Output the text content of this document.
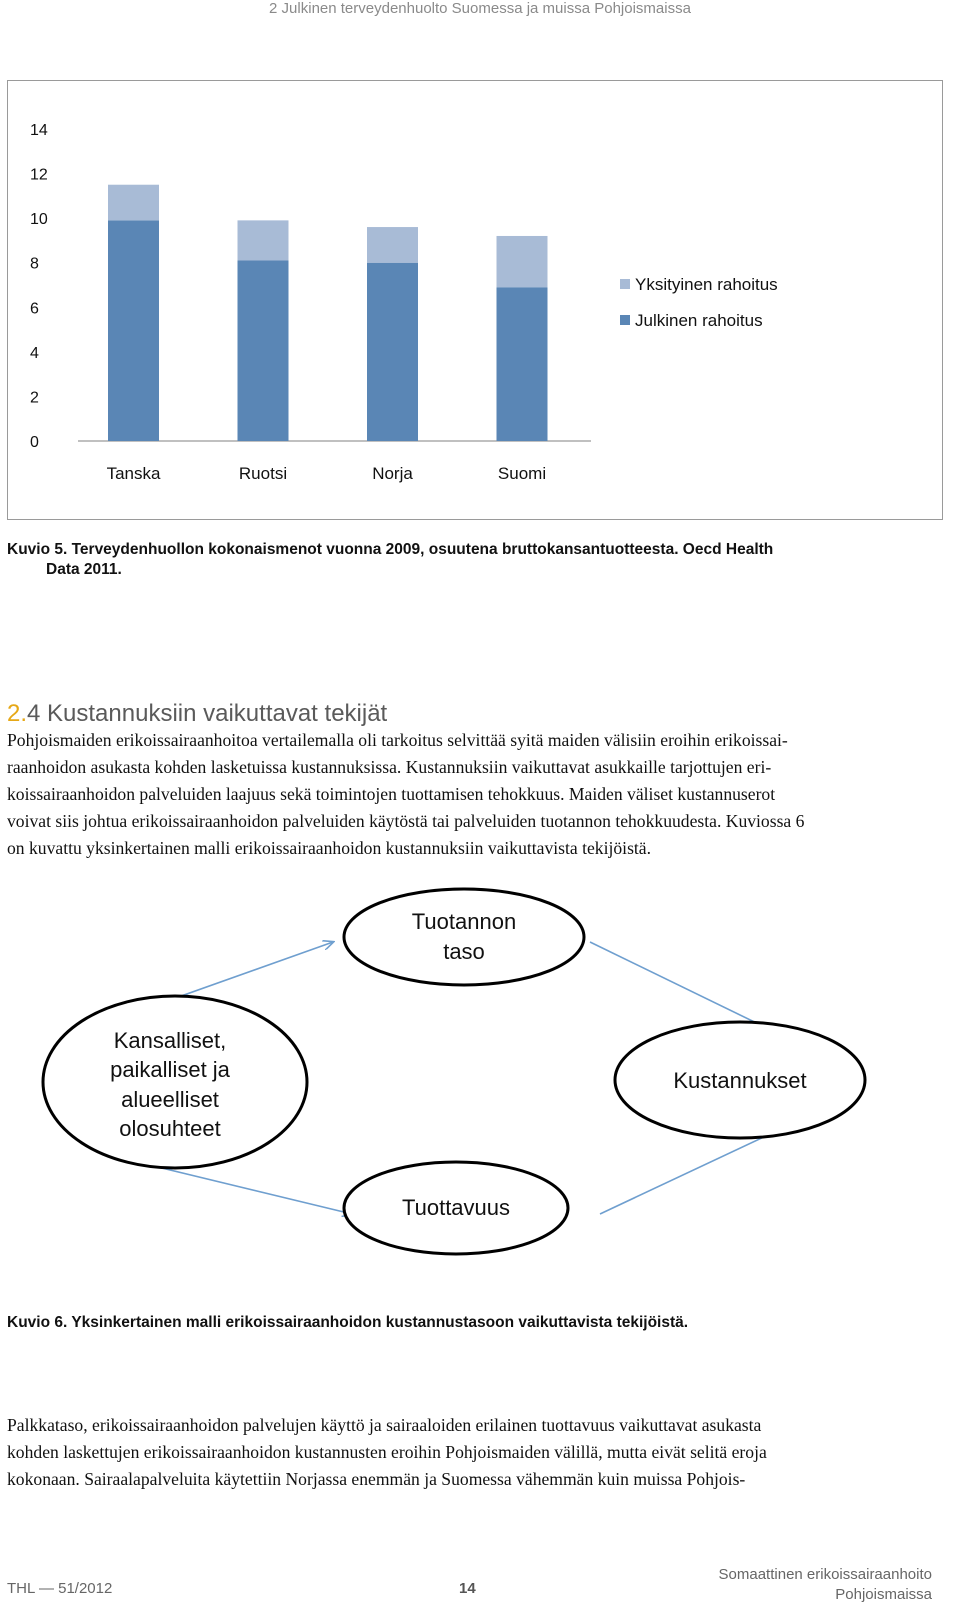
2 Julkinen terveydenhuolto Suomessa ja muissa Pohjoismaissa
14
12
10
8
6
4
2
0
Tanska	Ruotsi	Norja	Suomi
Yksityinen rahoitus
Julkinen rahoitus
Kuvio 5. Terveydenhuollon kokonaismenot vuonna 2009, osuutena bruttokansantuotteesta. Oecd Health
Data 2011.
2.4 Kustannuksiin vaikuttavat tekijät
Pohjoismaiden erikoissairaanhoitoa vertailemalla oli tarkoitus selvittää syitä maiden välisiin eroihin erikoissai-
raanhoidon asukasta kohden lasketuissa kustannuksissa. Kustannuksiin vaikuttavat asukkaille tarjottujen eri-
koissairaanhoidon palveluiden laajuus sekä toimintojen tuottamisen tehokkuus. Maiden väliset kustannuserot
voivat siis johtua erikoissairaanhoidon palveluiden käytöstä tai palveluiden tuotannon tehokkuudesta. Kuviossa 6
on kuvattu yksinkertainen malli erikoissairaanhoidon kustannuksiin vaikuttavista tekijöistä.
Tuotannon
taso
Kansalliset,
paikalliset ja
alueelliset
olosuhteet
Kustannukset
Tuottavuus
Kuvio 6. Yksinkertainen malli erikoissairaanhoidon kustannustasoon vaikuttavista tekijöistä.
Palkkataso, erikoissairaanhoidon palvelujen käyttö ja sairaaloiden erilainen tuottavuus vaikuttavat asukasta
kohden laskettujen erikoissairaanhoidon kustannusten eroihin Pohjoismaiden välillä, mutta eivät selitä eroja
kokonaan. Sairaalapalveluita käytettiin Norjassa enemmän ja Suomessa vähemmän kuin muissa Pohjois-
THL — 51/2012	14
Somaattinen erikoissairaanhoito
Pohjoismaissa
